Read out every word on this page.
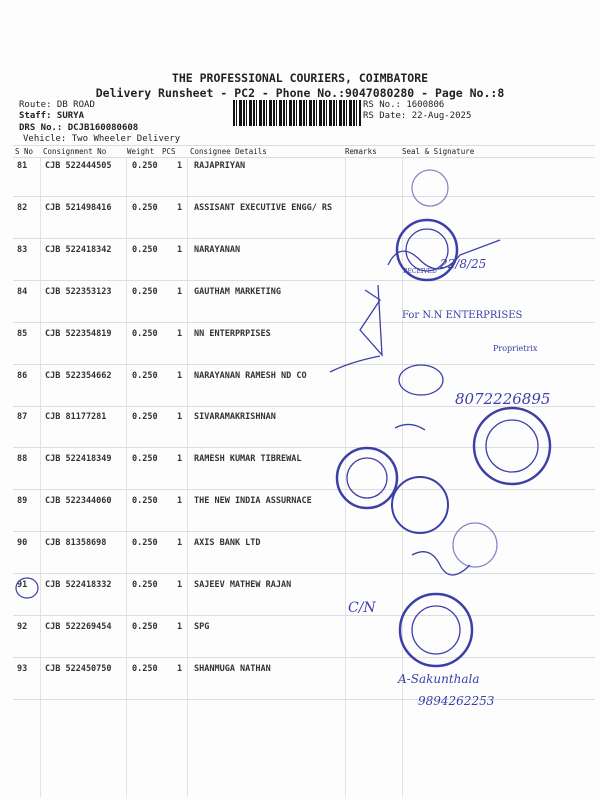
THE PROFESSIONAL COURIERS, COIMBATORE
Delivery Runsheet - PC2 - Phone No.:9047080280 - Page No.:8
Route: DB ROAD
Staff: SURYA
DRS No.: DCJB160080608
Vehicle: Two Wheeler Delivery
RS No.: 1600806
RS Date: 22-Aug-2025
S No Consignment No	Weight PCS Consignee Details	Remarks	Seal & Signature
81 CJB 522444505 0.250 1 RAJAPRIYAN
82 CJB 521498416 0.250 1 ASSISANT EXECUTIVE ENGG/ RS
83 CJB 522418342 0.250 1 NARAYANAN
84 CJB 522353123 0.250 1 GAUTHAM MARKETING
85 CJB 522354819 0.250 1 NN ENTERPRPISES
86 CJB 522354662 0.250 1 NARAYANAN RAMESH ND CO
87 CJB 81177281	0.250 1 SIVARAMAKRISHNAN
88 CJB 522418349 0.250 1 RAMESH KUMAR TIBREWAL
89 CJB 522344060 0.250 1 THE NEW INDIA ASSURNACE
90 CJB 81358698	0.250 1 AXIS BANK LTD
91 CJB 522418332 0.250 1 SAJEEV MATHEW RAJAN
92 CJB 522269454 0.250 1 SPG
93 CJB 522450750 0.250 1 SHANMUGA NATHAN
For N.N ENTERPRISES
Proprietrix
8072226895
C/N
A-Sakunthala
9894262253
RECEIVED
22/8/25
